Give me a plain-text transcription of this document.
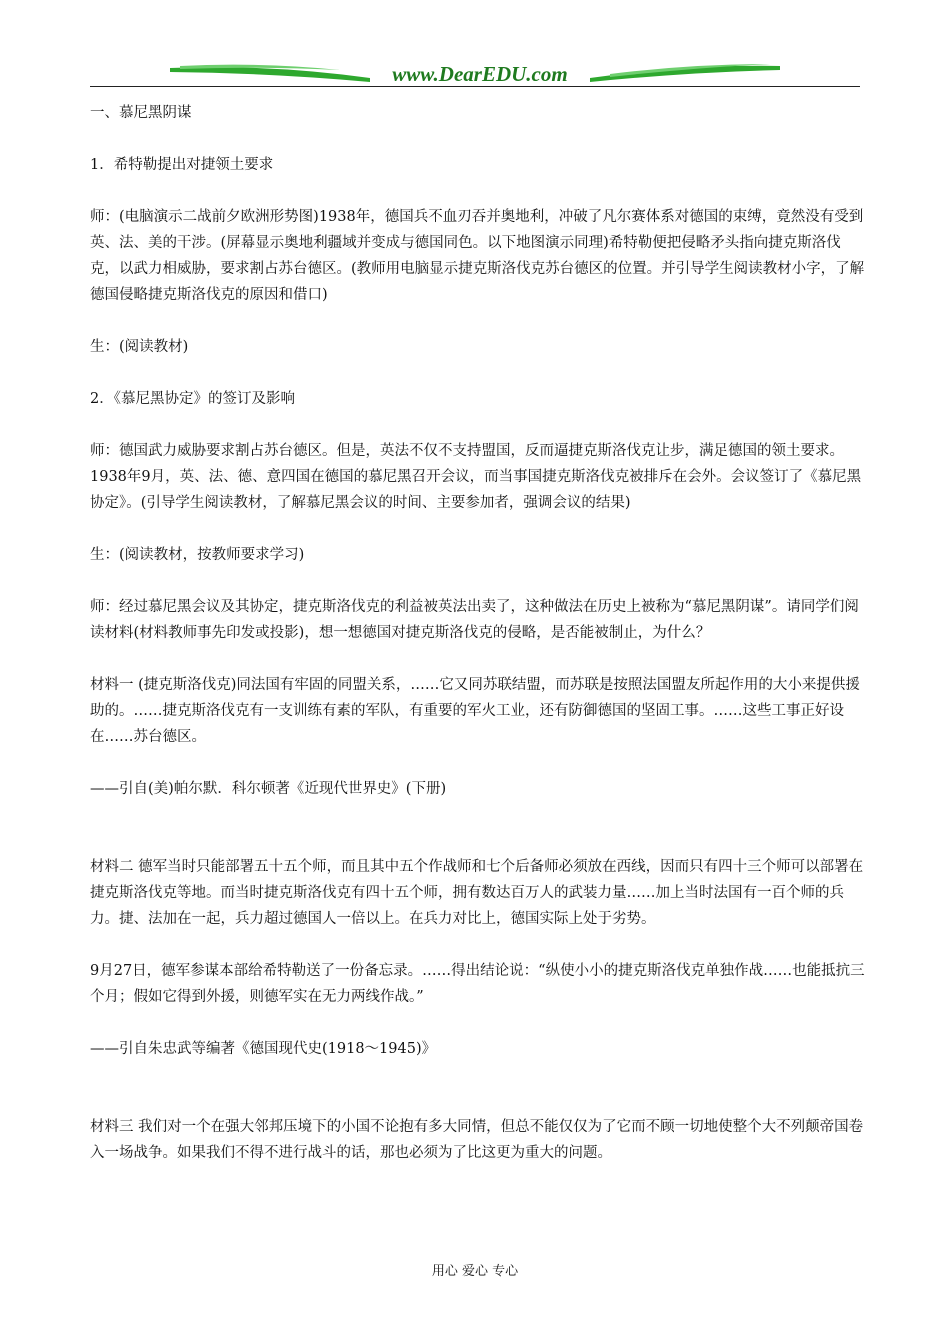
www.DearEDU.com

一、慕尼黑阴谋

1．希特勒提出对捷领土要求

师：(电脑演示二战前夕欧洲形势图)1938年，德国兵不血刃吞并奥地利，冲破了凡尔赛体系对德国的束缚，竟然没有受到英、法、美的干涉。(屏幕显示奥地利疆域并变成与德国同色。以下地图演示同理)希特勒便把侵略矛头指向捷克斯洛伐克，以武力相威胁，要求割占苏台德区。(教师用电脑显示捷克斯洛伐克苏台德区的位置。并引导学生阅读教材小字，了解德国侵略捷克斯洛伐克的原因和借口)

生：(阅读教材)

2．《慕尼黑协定》的签订及影响

师：德国武力威胁要求割占苏台德区。但是，英法不仅不支持盟国，反而逼捷克斯洛伐克让步，满足德国的领土要求。1938年9月，英、法、德、意四国在德国的慕尼黑召开会议，而当事国捷克斯洛伐克被排斥在会外。会议签订了《慕尼黑协定》。(引导学生阅读教材，了解慕尼黑会议的时间、主要参加者，强调会议的结果)

生：(阅读教材，按教师要求学习)

师：经过慕尼黑会议及其协定，捷克斯洛伐克的利益被英法出卖了，这种做法在历史上被称为“慕尼黑阴谋”。请同学们阅读材料(材料教师事先印发或投影)，想一想德国对捷克斯洛伐克的侵略，是否能被制止，为什么？

材料一 (捷克斯洛伐克)同法国有牢固的同盟关系，……它又同苏联结盟，而苏联是按照法国盟友所起作用的大小来提供援助的。……捷克斯洛伐克有一支训练有素的军队，有重要的军火工业，还有防御德国的坚固工事。……这些工事正好设在……苏台德区。

——引自(美)帕尔默．科尔顿著《近现代世界史》(下册)

材料二 德军当时只能部署五十五个师，而且其中五个作战师和七个后备师必须放在西线，因而只有四十三个师可以部署在捷克斯洛伐克等地。而当时捷克斯洛伐克有四十五个师，拥有数达百万人的武装力量……加上当时法国有一百个师的兵力。捷、法加在一起，兵力超过德国人一倍以上。在兵力对比上，德国实际上处于劣势。

9月27日，德军参谋本部给希特勒送了一份备忘录。……得出结论说：“纵使小小的捷克斯洛伐克单独作战……也能抵抗三个月；假如它得到外援，则德军实在无力两线作战。”

——引自朱忠武等编著《德国现代史(1918～1945)》

材料三 我们对一个在强大邻邦压境下的小国不论抱有多大同情，但总不能仅仅为了它而不顾一切地使整个大不列颠帝国卷入一场战争。如果我们不得不进行战斗的话，那也必须为了比这更为重大的问题。

用心 爱心 专心
